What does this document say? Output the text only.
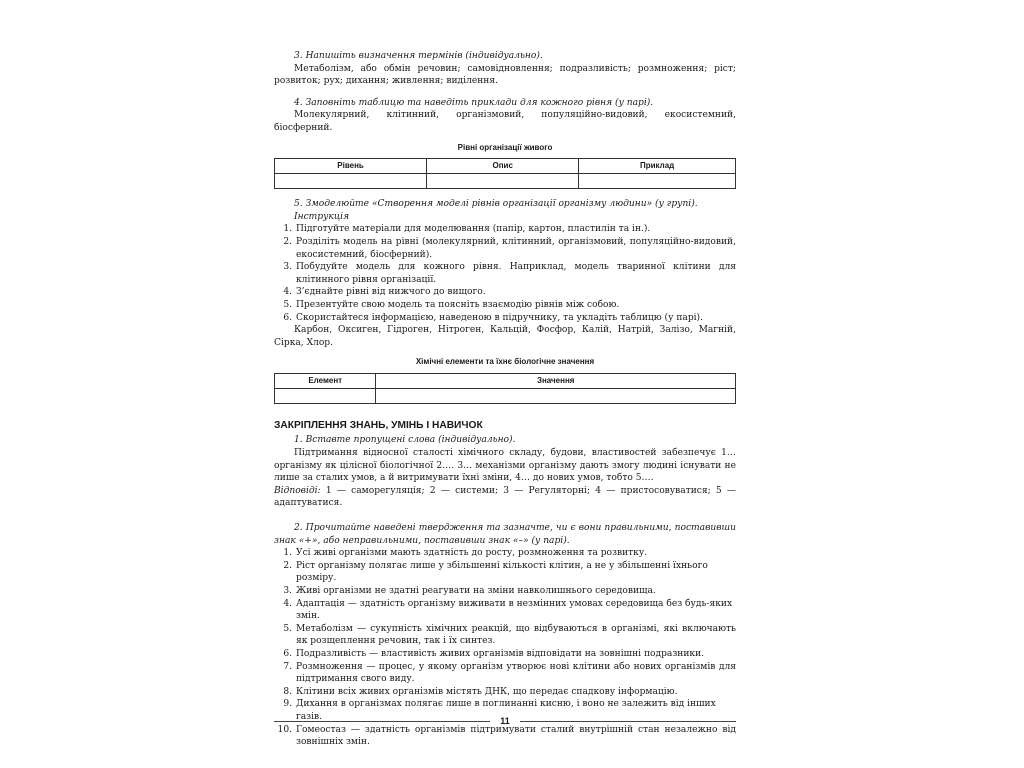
3. Напишіть визначення термінів (індивідуально).

Метаболізм, або обмін речовин; самовідновлення; подразливість; розмноження; ріст; розвиток; рух; дихання; живлення; виділення.

4. Заповніть таблицю та наведіть приклади для кожного рівня (у парі).

Молекулярний, клітинний, організмовий, популяційно-видовий, екосистемний, біосферний.

Рівні організації живого
Рівень	Опис	Приклад

5. Змоделюйте «Створення моделі рівнів організації організму людини» (у групі).

Інструкція

1. Підготуйте матеріали для моделювання (папір, картон, пластилін та ін.).
2. Розділіть модель на рівні (молекулярний, клітинний, організмовий, популяційно-видовий, екосистемний, біосферний).
3. Побудуйте модель для кожного рівня. Наприклад, модель тваринної клітини для клітинного рівня організації.
4. З’єднайте рівні від нижчого до вищого.
5. Презентуйте свою модель та поясніть взаємодію рівнів між собою.
6. Скористайтеся інформацією, наведеною в підручнику, та укладіть таблицю (у парі).

Карбон, Оксиген, Гідроген, Нітроген, Кальцій, Фосфор, Калій, Натрій, Залізо, Магній, Сірка, Хлор.

Хімічні елементи та їхнє біологічне значення
Елемент	Значення

ЗАКРІПЛЕННЯ ЗНАНЬ, УМІНЬ І НАВИЧОК

1. Вставте пропущені слова (індивідуально).

Підтримання відносної сталості хімічного складу, будови, властивостей забезпечує 1… організму як цілісної біологічної 2…. 3… механізми організму дають змогу людині існувати не лише за сталих умов, а й витримувати їхні зміни, 4… до нових умов, тобто 5….

Відповіді: 1 — саморегуляція; 2 — системи; 3 — Регуляторні; 4 — пристосовуватися; 5 — адаптуватися.

2. Прочитайте наведені твердження та зазначте, чи є вони правильними, поставивши знак «+», або неправильними, поставивши знак «–» (у парі).

1. Усі живі організми мають здатність до росту, розмноження та розвитку.
2. Ріст організму полягає лише у збільшенні кількості клітин, а не у збільшенні їхнього розміру.
3. Живі організми не здатні реагувати на зміни навколишнього середовища.
4. Адаптація — здатність організму виживати в незмінних умовах середовища без будь-яких змін.
5. Метаболізм — сукупність хімічних реакцій, що відбуваються в організмі, які включають як розщеплення речовин, так і їх синтез.
6. Подразливість — властивість живих організмів відповідати на зовнішні подразники.
7. Розмноження — процес, у якому організм утворює нові клітини або нових організмів для підтримання свого виду.
8. Клітини всіх живих організмів містять ДНК, що передає спадкову інформацію.
9. Дихання в організмах полягає лише в поглинанні кисню, і воно не залежить від інших газів.
10. Гомеостаз — здатність організмів підтримувати сталий внутрішній стан незалежно від зовнішніх змін.
11
